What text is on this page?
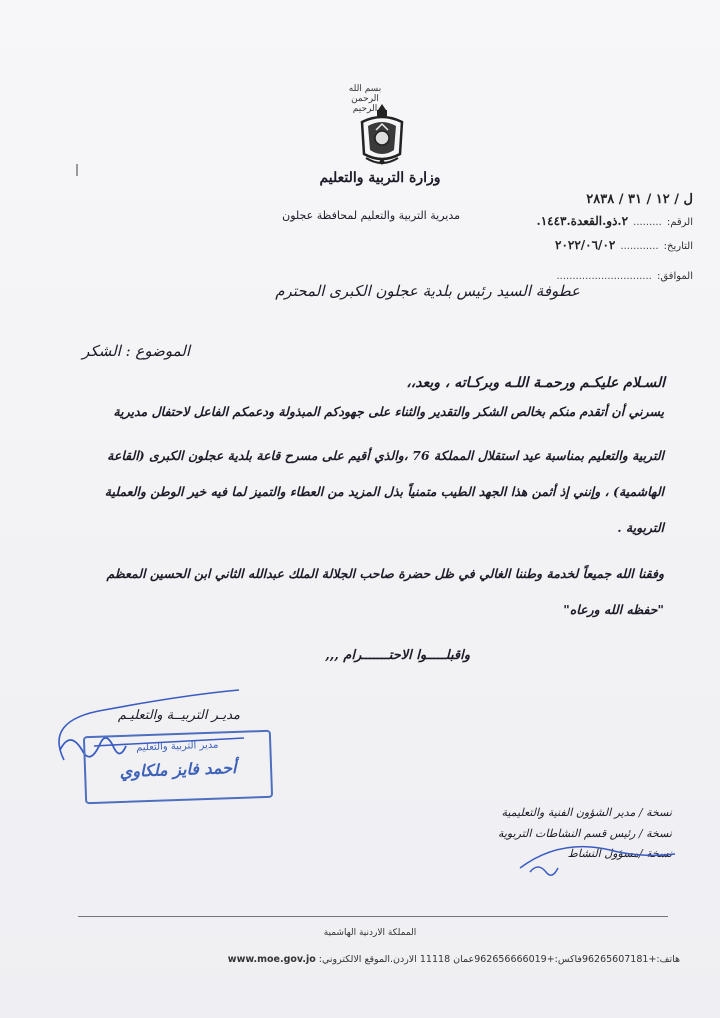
بسم الله الرحمن الرحيم
وزارة التربية والتعليم
مديرية التربية والتعليم لمحافظة عجلون
ل / ١٢ / ٣١ / ٢٨٣٨
الرقم: ......... ٢.ذو.القعدة.١٤٤٣.
التاريخ: ............ ٢٠٢٢/٠٦/٠٢
الموافق: ..............................
عطوفة السيد رئيس بلدية عجلون الكبرى المحترم
الموضوع : الشكر
السـلام عليكـم ورحمـة اللـه وبركـاته ، وبعد،،
يسرني أن أتقدم منكم بخالص الشكر والتقدير والثناء على جهودكم المبذولة ودعمكم الفاعل لاحتفال مديرية
التربية والتعليم بمناسبة عيد استقلال المملكة 76 ،والذي أقيم على مسرح قاعة بلدية عجلون الكبرى (القاعة
الهاشمية) ، وإنني إذ أثمن هذا الجهد الطيب متمنياً بذل المزيد من العطاء والتميز لما فيه خير الوطن والعملية
التربوية .
وفقنا الله جميعاً لخدمة وطننا الغالي في ظل حضرة صاحب الجلالة الملك عبدالله الثاني ابن الحسين المعظم
"حفظه الله ورعاه"
واقبلـــــوا الاحتـــــــرام ,,,
مديـر التربيــة والتعليـم
مدير التربية والتعليم
أحمد فايز ملكاوي
نسخة / مدير الشؤون الفنية والتعليمية
نسخة / رئيس قسم النشاطات التربوية
نسخة /مسؤول النشاط
المملكة الاردنية الهاشمية
www.moe.gov.jo هاتف:+96265607181فاكس:+962656666019عمان 11118 الاردن.الموقع الالكتروني:
